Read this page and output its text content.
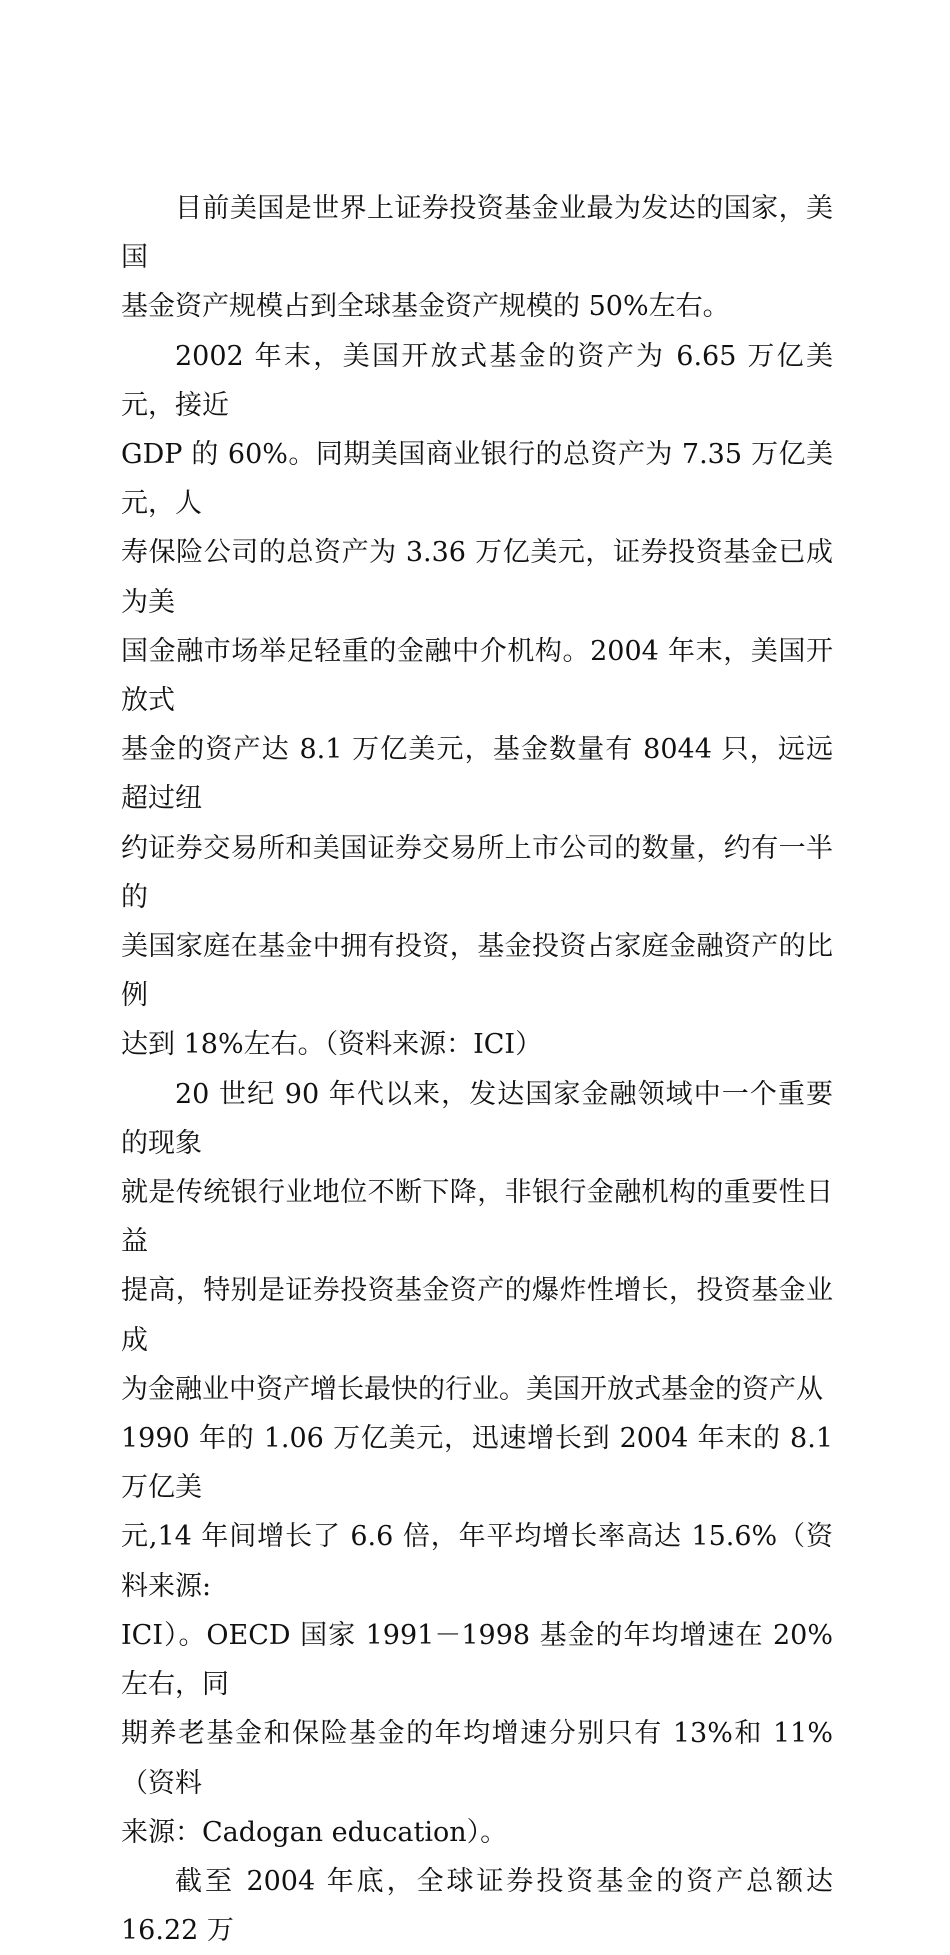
目前美国是世界上证券投资基金业最为发达的国家，美国
基金资产规模占到全球基金资产规模的 50%左右。

2002 年末，美国开放式基金的资产为 6.65 万亿美元，接近
GDP 的 60%。同期美国商业银行的总资产为 7.35 万亿美元，人
寿保险公司的总资产为 3.36 万亿美元，证券投资基金已成为美
国金融市场举足轻重的金融中介机构。2004 年末，美国开放式
基金的资产达 8.1 万亿美元，基金数量有 8044 只，远远超过纽
约证券交易所和美国证券交易所上市公司的数量，约有一半的
美国家庭在基金中拥有投资，基金投资占家庭金融资产的比例
达到 18%左右。（资料来源：ICI）

20 世纪 90 年代以来，发达国家金融领域中一个重要的现象
就是传统银行业地位不断下降，非银行金融机构的重要性日益
提高，特别是证券投资基金资产的爆炸性增长，投资基金业成
为金融业中资产增长最快的行业。美国开放式基金的资产从
1990 年的 1.06 万亿美元，迅速增长到 2004 年末的 8.1 万亿美
元,14 年间增长了 6.6 倍，年平均增长率高达 15.6%（资料来源:
ICI）。OECD 国家 1991－1998 基金的年均增速在 20%左右，同
期养老基金和保险基金的年均增速分别只有 13%和 11%（资料
来源：Cadogan education）。

截至 2004 年底，全球证券投资基金的资产总额达 16.22 万
